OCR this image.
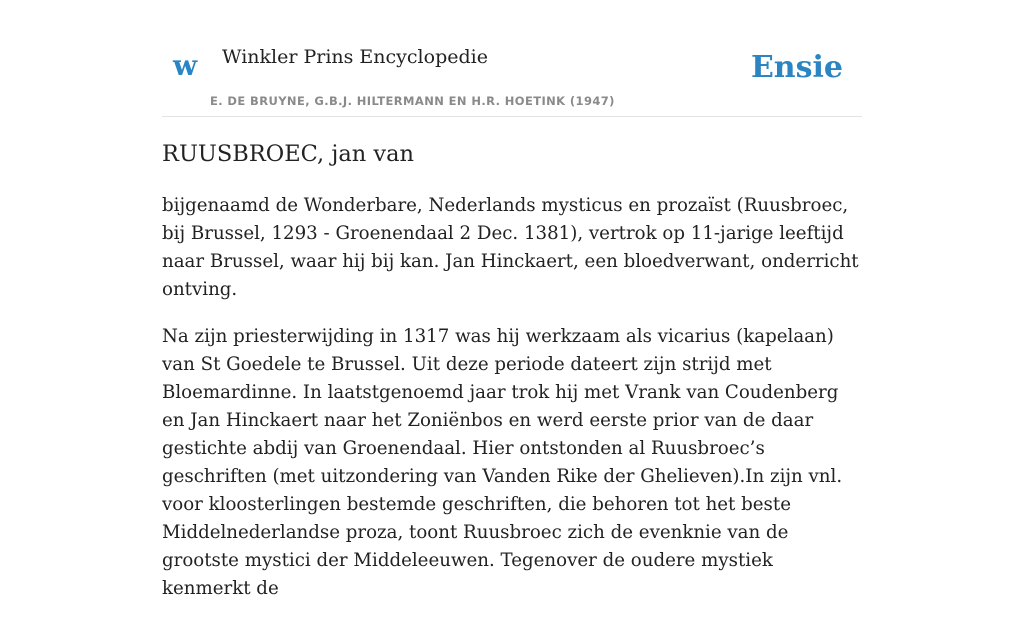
w Winkler Prins Encyclopedie
E. DE BRUYNE, G.B.J. HILTERMANN EN H.R. HOETINK (1947)
Ensie
RUUSBROEC, jan van

bijgenaamd de Wonderbare, Nederlands mysticus en prozaïst (Ruusbroec, bij Brussel, 1293 - Groenendaal 2 Dec. 1381), vertrok op 11-jarige leeftijd naar Brussel, waar hij bij kan. Jan Hinckaert, een bloedverwant, onderricht ontving.

Na zijn priesterwijding in 1317 was hij werkzaam als vicarius (kapelaan) van St Goedele te Brussel. Uit deze periode dateert zijn strijd met Bloemardinne. In laatstgenoemd jaar trok hij met Vrank van Coudenberg en Jan Hinckaert naar het Zoniënbos en werd eerste prior van de daar gestichte abdij van Groenendaal. Hier ontstonden al Ruusbroec’s geschriften (met uitzondering van Vanden Rike der Ghelieven).In zijn vnl. voor kloosterlingen bestemde geschriften, die behoren tot het beste Middelnederlandse proza, toont Ruusbroec zich de evenknie van de grootste mystici der Middeleeuwen. Tegenover de oudere mystiek kenmerkt de
